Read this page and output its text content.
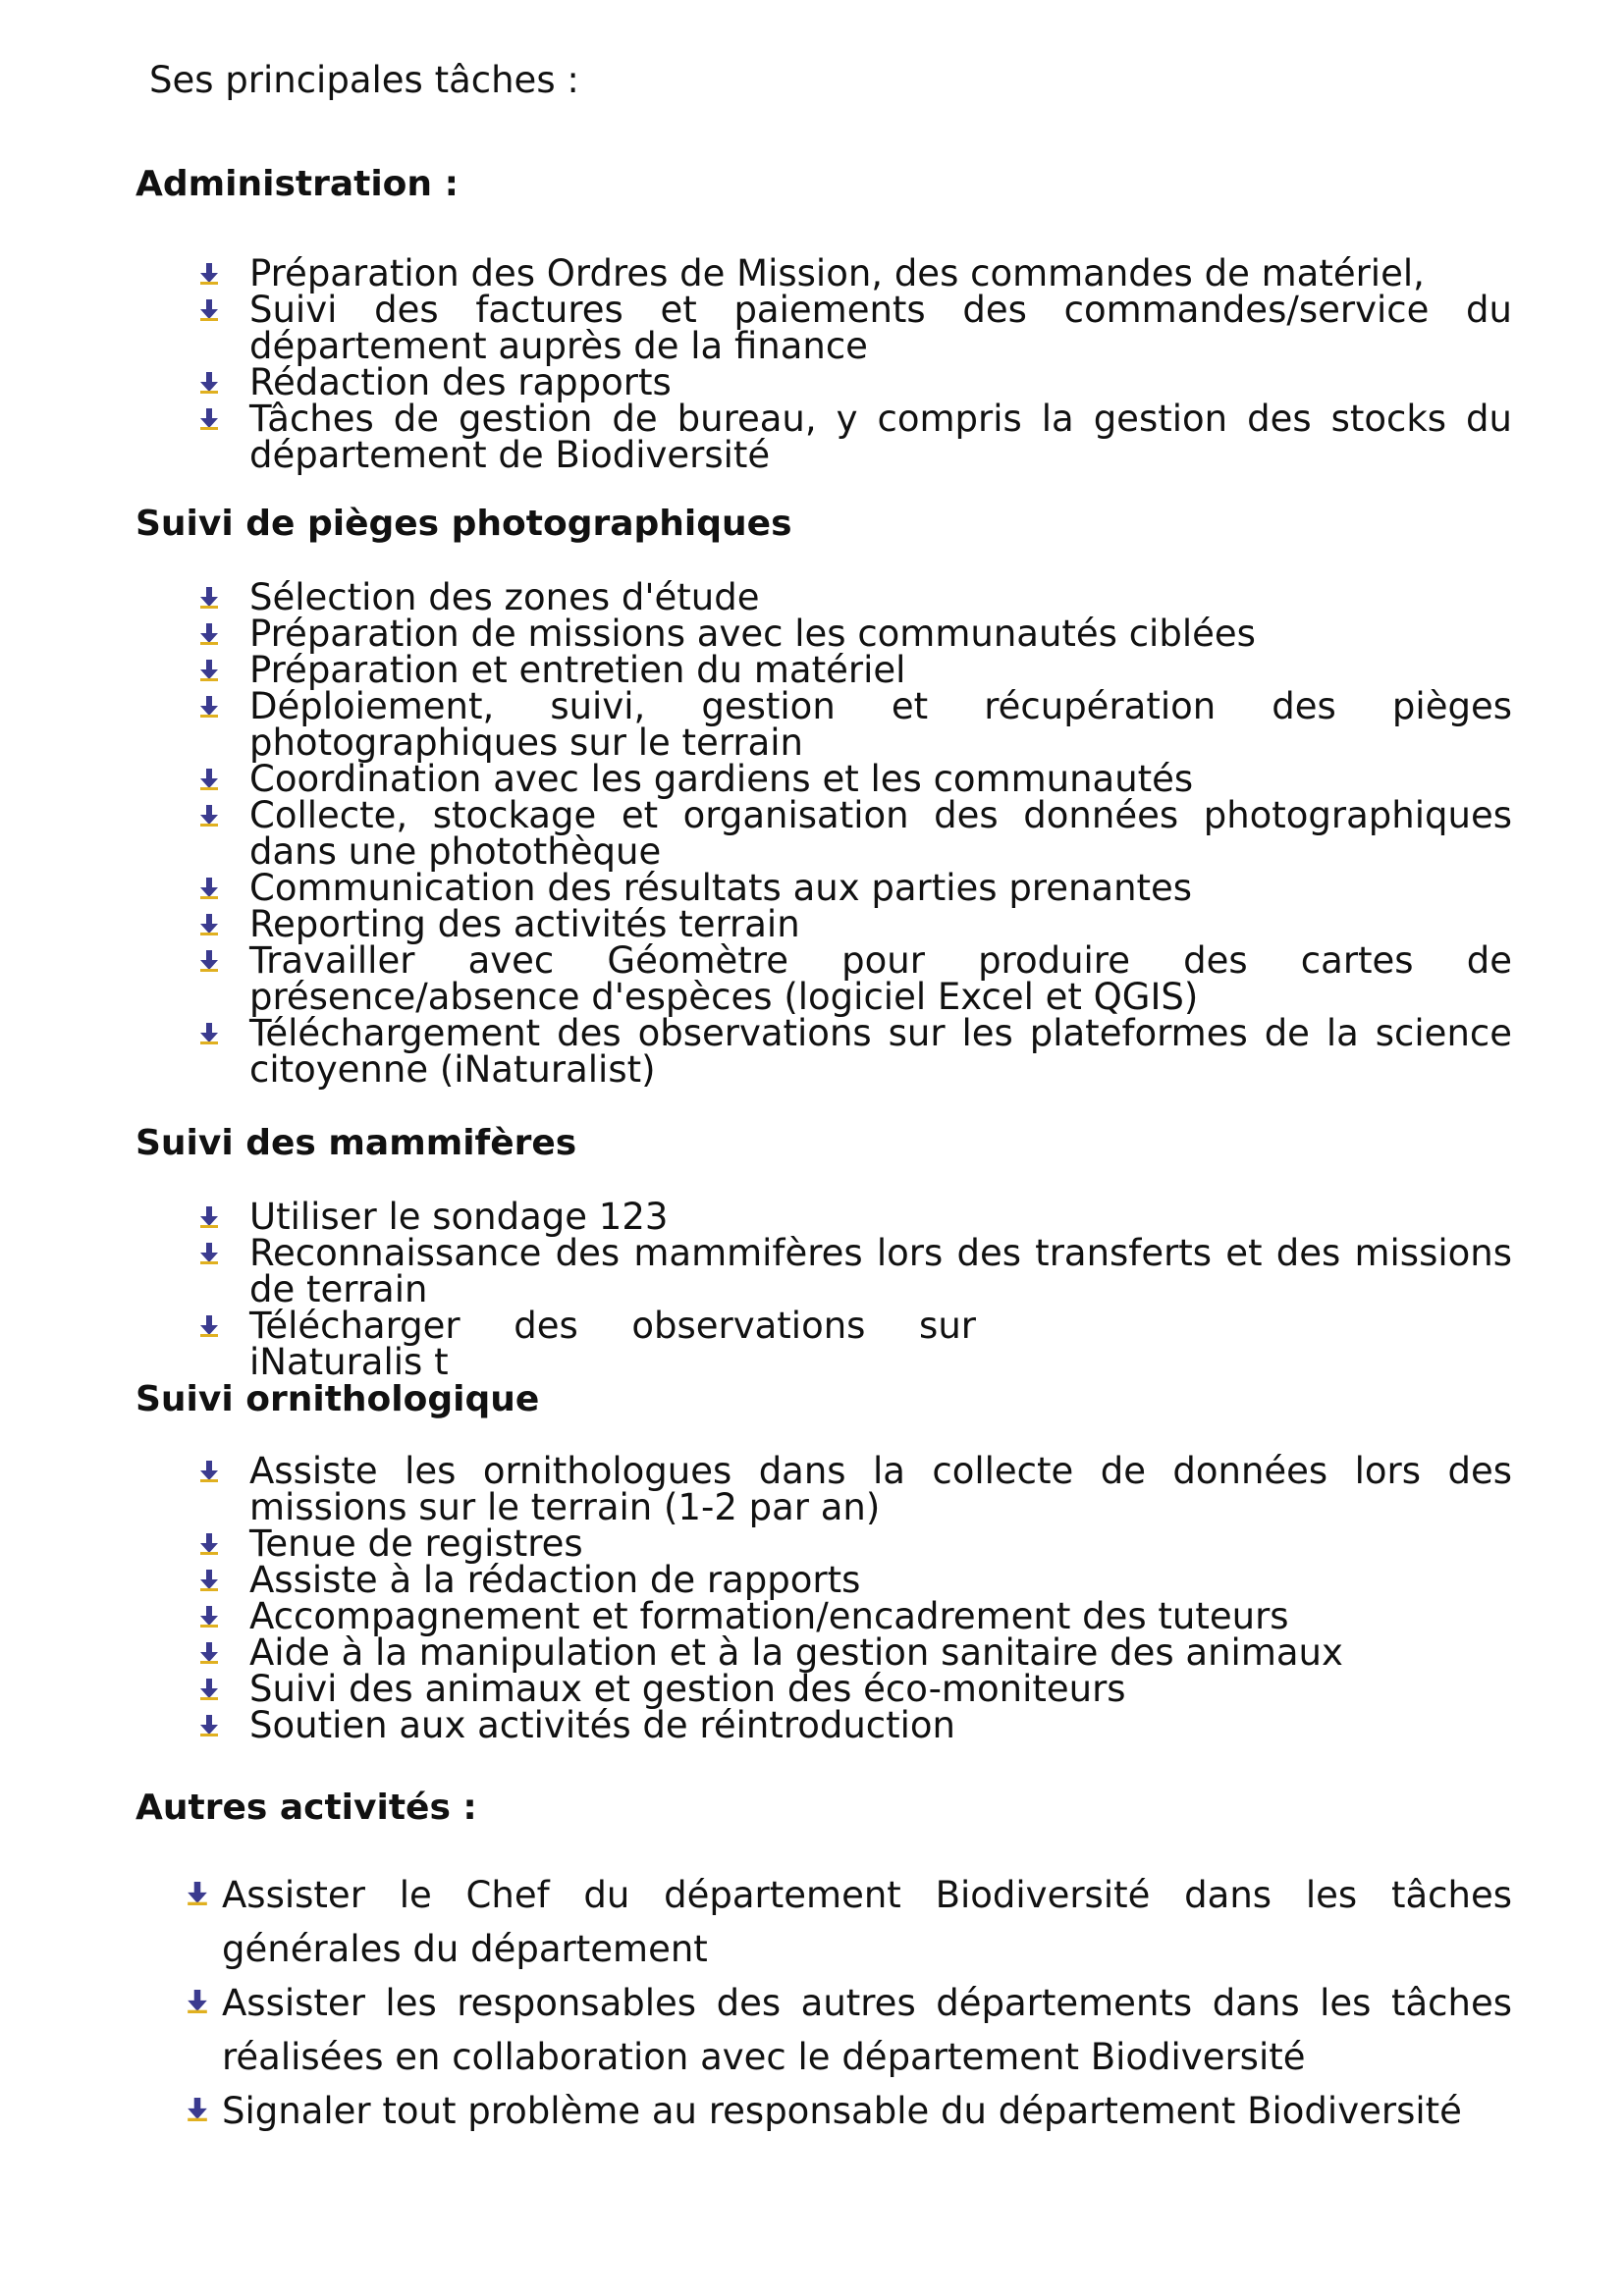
Ses principales tâches :

Administration :
Préparation des Ordres de Mission, des commandes de matériel,
Suivi des factures et paiements des commandes/service du département auprès de la finance
Rédaction des rapports
Tâches de gestion de bureau, y compris la gestion des stocks du département de Biodiversité
Suivi de pièges photographiques
Sélection des zones d'étude
Préparation de missions avec les communautés ciblées
Préparation et entretien du matériel
Déploiement, suivi, gestion et récupération des pièges photographiques sur le terrain
Coordination avec les gardiens et les communautés
Collecte, stockage et organisation des données photographiques dans une photothèque
Communication des résultats aux parties prenantes
Reporting des activités terrain
Travailler avec Géomètre pour produire des cartes de présence/absence d'espèces (logiciel Excel et QGIS)
Téléchargement des observations sur les plateformes de la science citoyenne (iNaturalist)
Suivi des mammifères
Utiliser le sondage 123
Reconnaissance des mammifères lors des transferts et des missions de terrain
Télécharger des observations sur iNaturalis t
Suivi ornithologique
Assiste les ornithologues dans la collecte de données lors des missions sur le terrain (1-2 par an)
Tenue de registres
Assiste à la rédaction de rapports
Accompagnement et formation/encadrement des tuteurs
Aide à la manipulation et à la gestion sanitaire des animaux
Suivi des animaux et gestion des éco-moniteurs
Soutien aux activités de réintroduction
Autres activités :
Assister le Chef du département Biodiversité dans les tâches générales du département
Assister les responsables des autres départements dans les tâches réalisées en collaboration avec le département Biodiversité
Signaler tout problème au responsable du département Biodiversité
